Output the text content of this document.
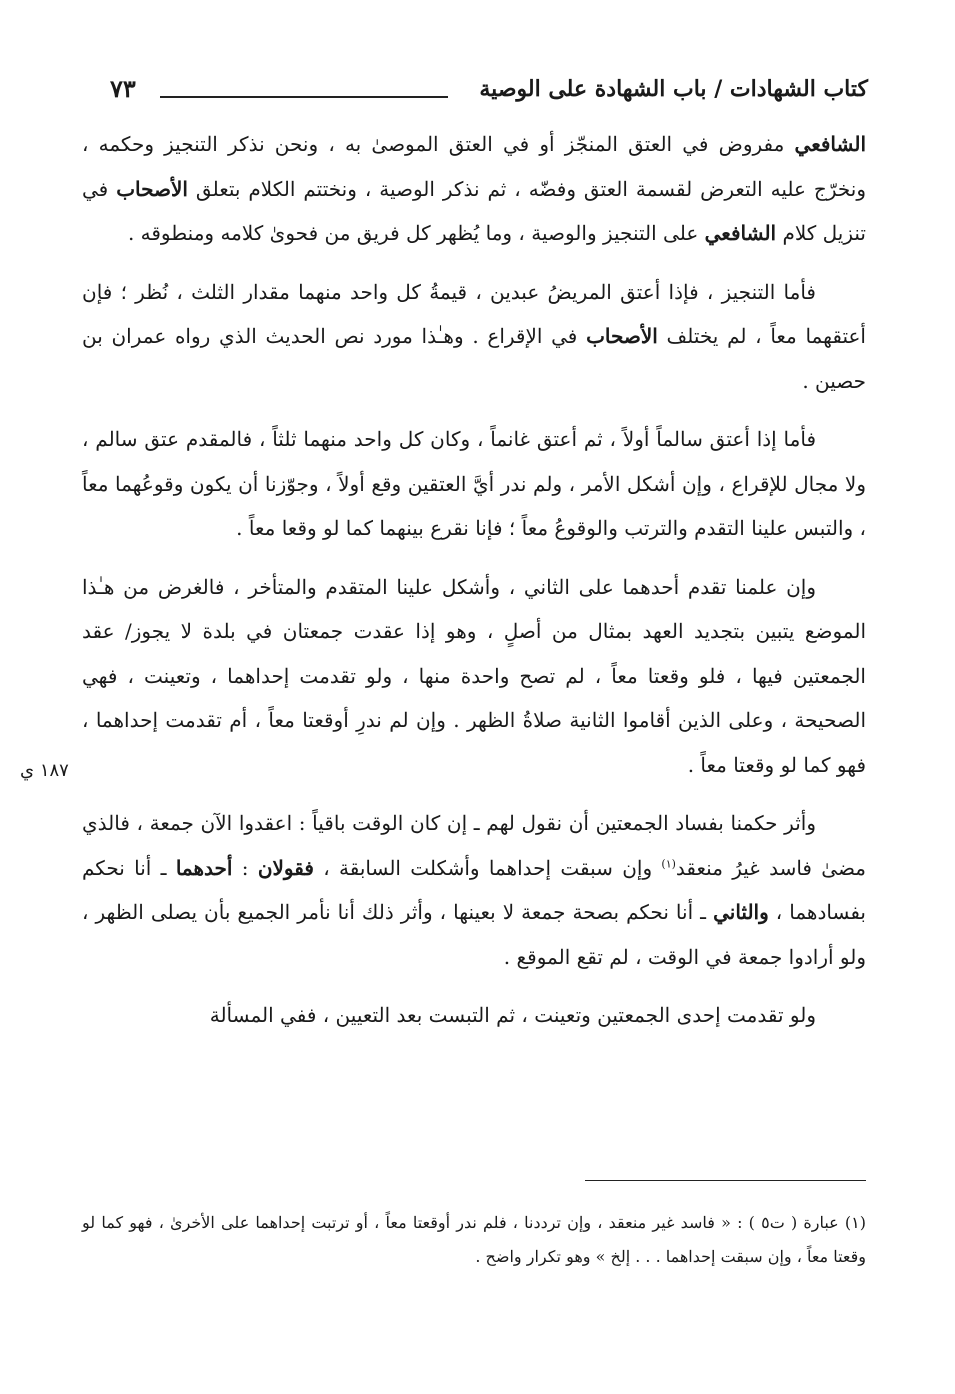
كتاب الشهادات / باب الشهادة على الوصية
٧٣

الشافعي مفروض في العتق المنجّز أو في العتق الموصىٰ به ، ونحن نذكر التنجيز وحكمه ، ونخرّج عليه التعرض لقسمة العتق وفضّه ، ثم نذكر الوصية ، ونختتم الكلام بتعلق الأصحاب في تنزيل كلام الشافعي على التنجيز والوصية ، وما يُظهر كل فريق من فحوىٰ كلامه ومنطوقه .

فأما التنجيز ، فإذا أعتق المريضُ عبدين ، قيمةُ كل واحد منهما مقدار الثلث ، نُظر ؛ فإن أعتقهما معاً ، لم يختلف الأصحاب في الإقراع . وهـٰذا مورد نص الحديث الذي رواه عمران بن حصين .

فأما إذا أعتق سالماً أولاً ، ثم أعتق غانماً ، وكان كل واحد منهما ثلثاً ، فالمقدم عتق سالم ، ولا مجال للإقراع ، وإن أشكل الأمر ، ولم ندر أيَّ العتقين وقع أولاً ، وجوّزنا أن يكون وقوعُهما معاً ، والتبس علينا التقدم والترتب والوقوعُ معاً ؛ فإنا نقرع بينهما كما لو وقعا معاً .

وإن علمنا تقدم أحدهما على الثاني ، وأشكل علينا المتقدم والمتأخر ، فالغرض من هـٰذا الموضع يتبين بتجديد العهد بمثال من أصلٍ ، وهو إذا عقدت جمعتان في بلدة لا يجوز/ عقد الجمعتين فيها ، فلو وقعتا معاً ، لم تصح واحدة منها ، ولو تقدمت إحداهما ، وتعينت ، فهي الصحيحة ، وعلى الذين أقاموا الثانية صلاةُ الظهر . وإن لم ندرِ أوقعتا معاً ، أم تقدمت إحداهما ، فهو كما لو وقعتا معاً .

وأثر حكمنا بفساد الجمعتين أن نقول لهم ـ إن كان الوقت باقياً : اعقدوا الآن جمعة ، فالذي مضىٰ فاسد غيرُ منعقد$^{(١)}$ وإن سبقت إحداهما وأشكلت السابقة ، فقولان : أحدهما ـ أنا نحكم بفسادهما ، والثاني ـ أنا نحكم بصحة جمعة لا بعينها ، وأثر ذلك أنا نأمر الجميع بأن يصلى الظهر ، ولو أرادوا جمعة في الوقت ، لم تقع الموقع .

ولو تقدمت إحدى الجمعتين وتعينت ، ثم التبست بعد التعيين ، ففي المسألة

١٨٧ ي

(١) عبارة ( ت٥ ) : « فاسد غير منعقد ، وإن ترددنا ، فلم ندر أوقعتا معاً ، أو ترتبت إحداهما على الأخرىٰ ، فهو كما لو وقعتا معاً ، وإن سبقت إحداهما . . . إلخ » وهو تكرار واضح .
